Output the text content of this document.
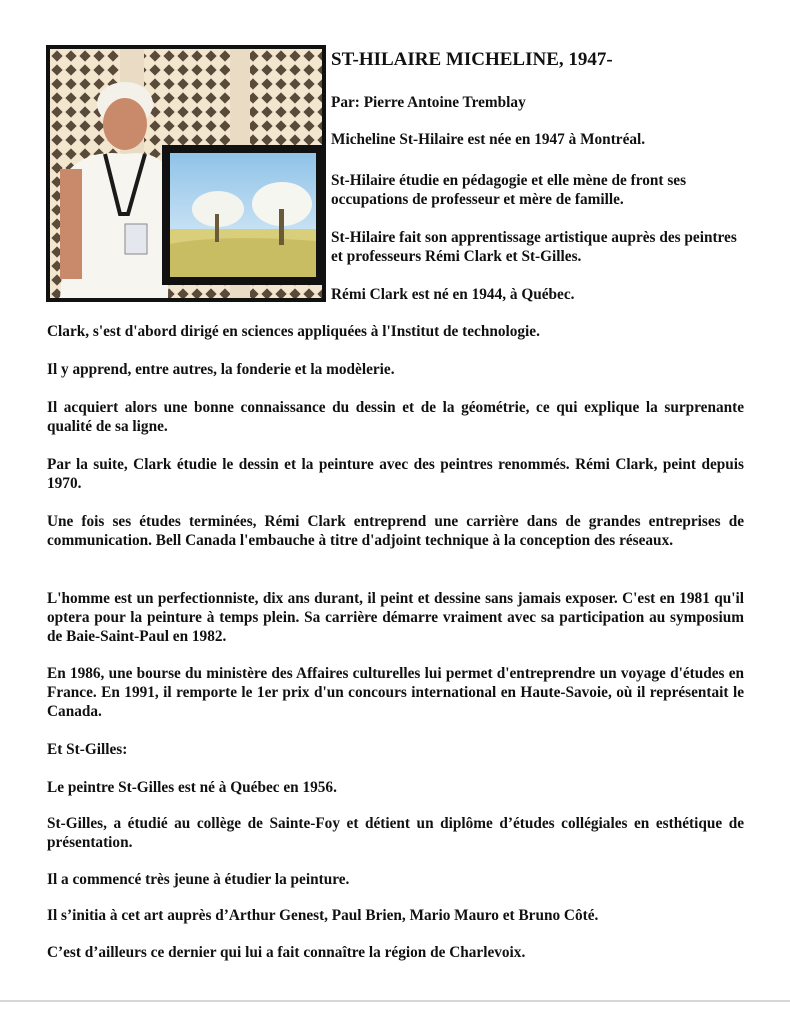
ST-HILAIRE MICHELINE, 1947-

Par: Pierre Antoine Tremblay

Micheline St-Hilaire est née en 1947 à Montréal.

St-Hilaire étudie en pédagogie et elle mène de front ses occupations de professeur et mère de famille.

St-Hilaire fait son apprentissage artistique auprès des peintres et professeurs Rémi Clark et St-Gilles.

Rémi Clark est né en 1944, à Québec.

Clark, s'est d'abord dirigé en sciences appliquées à l'Institut de technologie.

Il y apprend, entre autres, la fonderie et la modèlerie.

Il acquiert alors une bonne connaissance du dessin et de la géométrie, ce qui explique la surprenante qualité de sa ligne.

Par la suite, Clark étudie le dessin et la peinture avec des peintres renommés. Rémi Clark, peint depuis 1970.

Une fois ses études terminées, Rémi Clark entreprend une carrière dans de grandes entreprises de communication. Bell Canada l'embauche à titre d'adjoint technique à la conception des réseaux.

L'homme est un perfectionniste, dix ans durant, il peint et dessine sans jamais exposer. C'est en 1981 qu'il optera pour la peinture à temps plein. Sa carrière démarre vraiment avec sa participation au symposium de Baie-Saint-Paul en 1982.

En 1986, une bourse du ministère des Affaires culturelles lui permet d'entreprendre un voyage d'études en France. En 1991, il remporte le 1er prix d'un concours international en Haute-Savoie, où il représentait le Canada.

Et St-Gilles:

Le peintre St-Gilles est né à Québec en 1956.

St-Gilles, a étudié au collège de Sainte-Foy et détient un diplôme d’études collégiales en esthétique de présentation.

Il a commencé très jeune à étudier la peinture.

Il s’initia à cet art auprès d’Arthur Genest, Paul Brien, Mario Mauro et Bruno Côté.

C’est d’ailleurs ce dernier qui lui a fait connaître la région de Charlevoix.
